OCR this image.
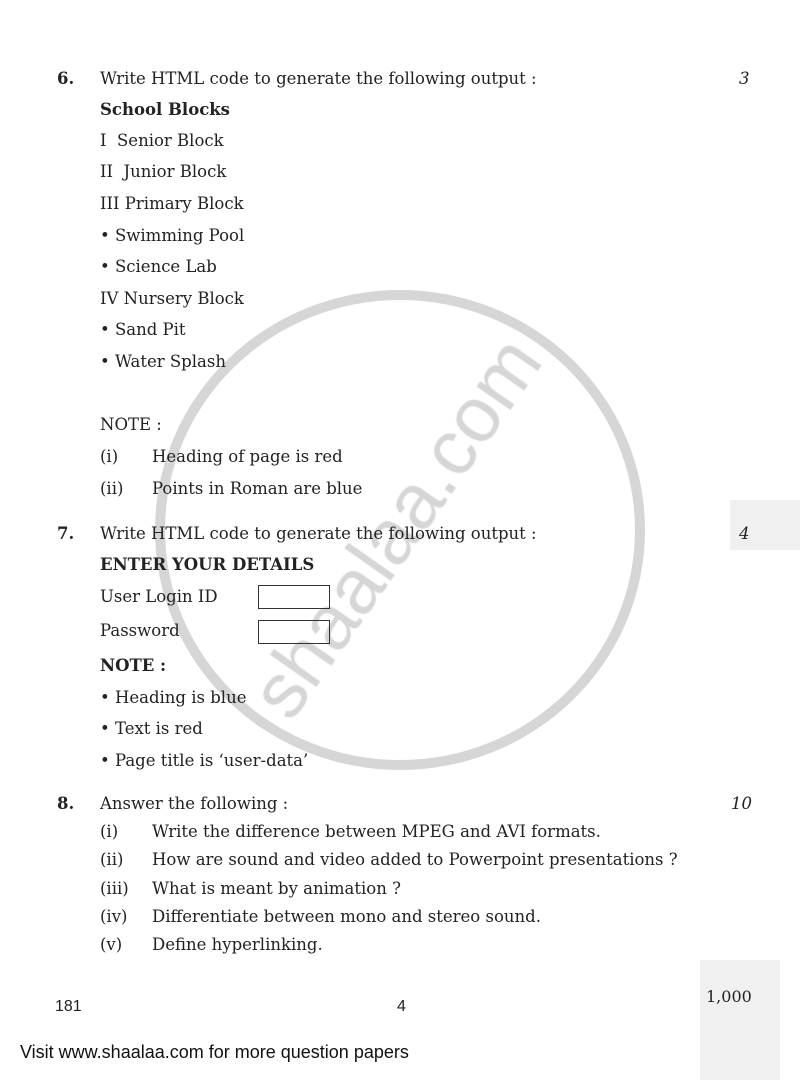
6. Write HTML code to generate the following output :	3
School Blocks
I  Senior Block
II  Junior Block
III Primary Block
• Swimming Pool
• Science Lab
IV Nursery Block
• Sand Pit
• Water Splash
NOTE :
(i) Heading of page is red
(ii) Points in Roman are blue
7. Write HTML code to generate the following output :	4
ENTER YOUR DETAILS
User Login ID
Password
NOTE :
• Heading is blue
• Text is red
• Page title is ‘user-data’
8. Answer the following :	10
(i) Write the difference between MPEG and AVI formats.
(ii) How are sound and video added to Powerpoint presentations ?
(iii) What is meant by animation ?
(iv) Differentiate between mono and stereo sound.
(v) Define hyperlinking.
181	4
1,000
Visit www.shaalaa.com for more question papers
